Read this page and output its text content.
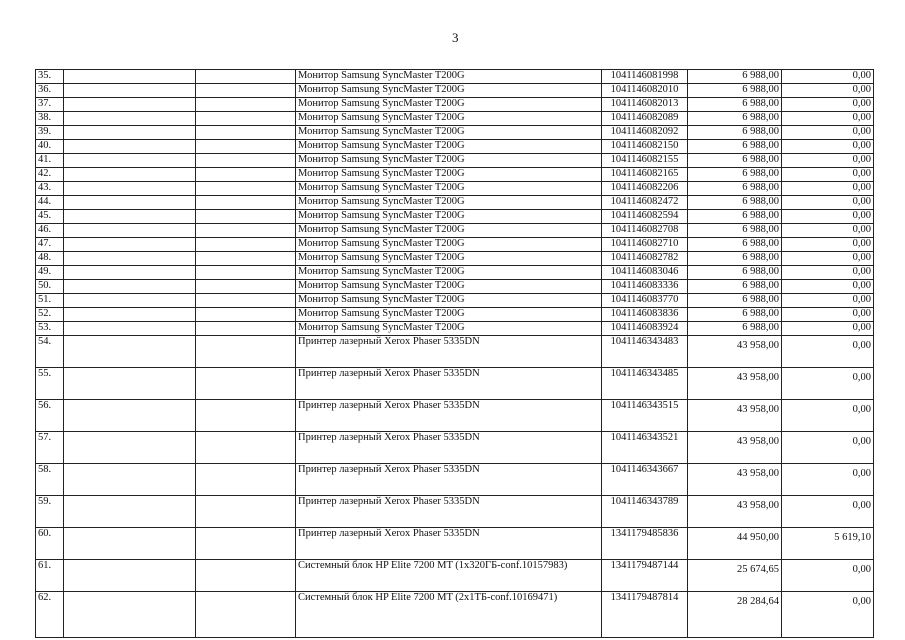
3
35.			Монитор Samsung SyncMaster T200G	1041146081998	6 988,00	0,00
36.			Монитор Samsung SyncMaster T200G	1041146082010	6 988,00	0,00
37.			Монитор Samsung SyncMaster T200G	1041146082013	6 988,00	0,00
38.			Монитор Samsung SyncMaster T200G	1041146082089	6 988,00	0,00
39.			Монитор Samsung SyncMaster T200G	1041146082092	6 988,00	0,00
40.			Монитор Samsung SyncMaster T200G	1041146082150	6 988,00	0,00
41.			Монитор Samsung SyncMaster T200G	1041146082155	6 988,00	0,00
42.			Монитор Samsung SyncMaster T200G	1041146082165	6 988,00	0,00
43.			Монитор Samsung SyncMaster T200G	1041146082206	6 988,00	0,00
44.			Монитор Samsung SyncMaster T200G	1041146082472	6 988,00	0,00
45.			Монитор Samsung SyncMaster T200G	1041146082594	6 988,00	0,00
46.			Монитор Samsung SyncMaster T200G	1041146082708	6 988,00	0,00
47.			Монитор Samsung SyncMaster T200G	1041146082710	6 988,00	0,00
48.			Монитор Samsung SyncMaster T200G	1041146082782	6 988,00	0,00
49.			Монитор Samsung SyncMaster T200G	1041146083046	6 988,00	0,00
50.			Монитор Samsung SyncMaster T200G	1041146083336	6 988,00	0,00
51.			Монитор Samsung SyncMaster T200G	1041146083770	6 988,00	0,00
52.			Монитор Samsung SyncMaster T200G	1041146083836	6 988,00	0,00
53.			Монитор Samsung SyncMaster T200G	1041146083924	6 988,00	0,00
54.			Принтер лазерный Xerox Phaser 5335DN	1041146343483	43 958,00	0,00
55.			Принтер лазерный Xerox Phaser 5335DN	1041146343485	43 958,00	0,00
56.			Принтер лазерный Xerox Phaser 5335DN	1041146343515	43 958,00	0,00
57.			Принтер лазерный Xerox Phaser 5335DN	1041146343521	43 958,00	0,00
58.			Принтер лазерный Xerox Phaser 5335DN	1041146343667	43 958,00	0,00
59.			Принтер лазерный Xerox Phaser 5335DN	1041146343789	43 958,00	0,00
60.			Принтер лазерный Xerox Phaser 5335DN	1341179485836	44 950,00	5 619,10
61.			Системный блок HP Elite 7200 MT (1x320ГБ-conf.10157983)	1341179487144	25 674,65	0,00
62.			Системный блок HP Elite 7200 MT (2x1ТБ-conf.10169471)	1341179487814	28 284,64	0,00
